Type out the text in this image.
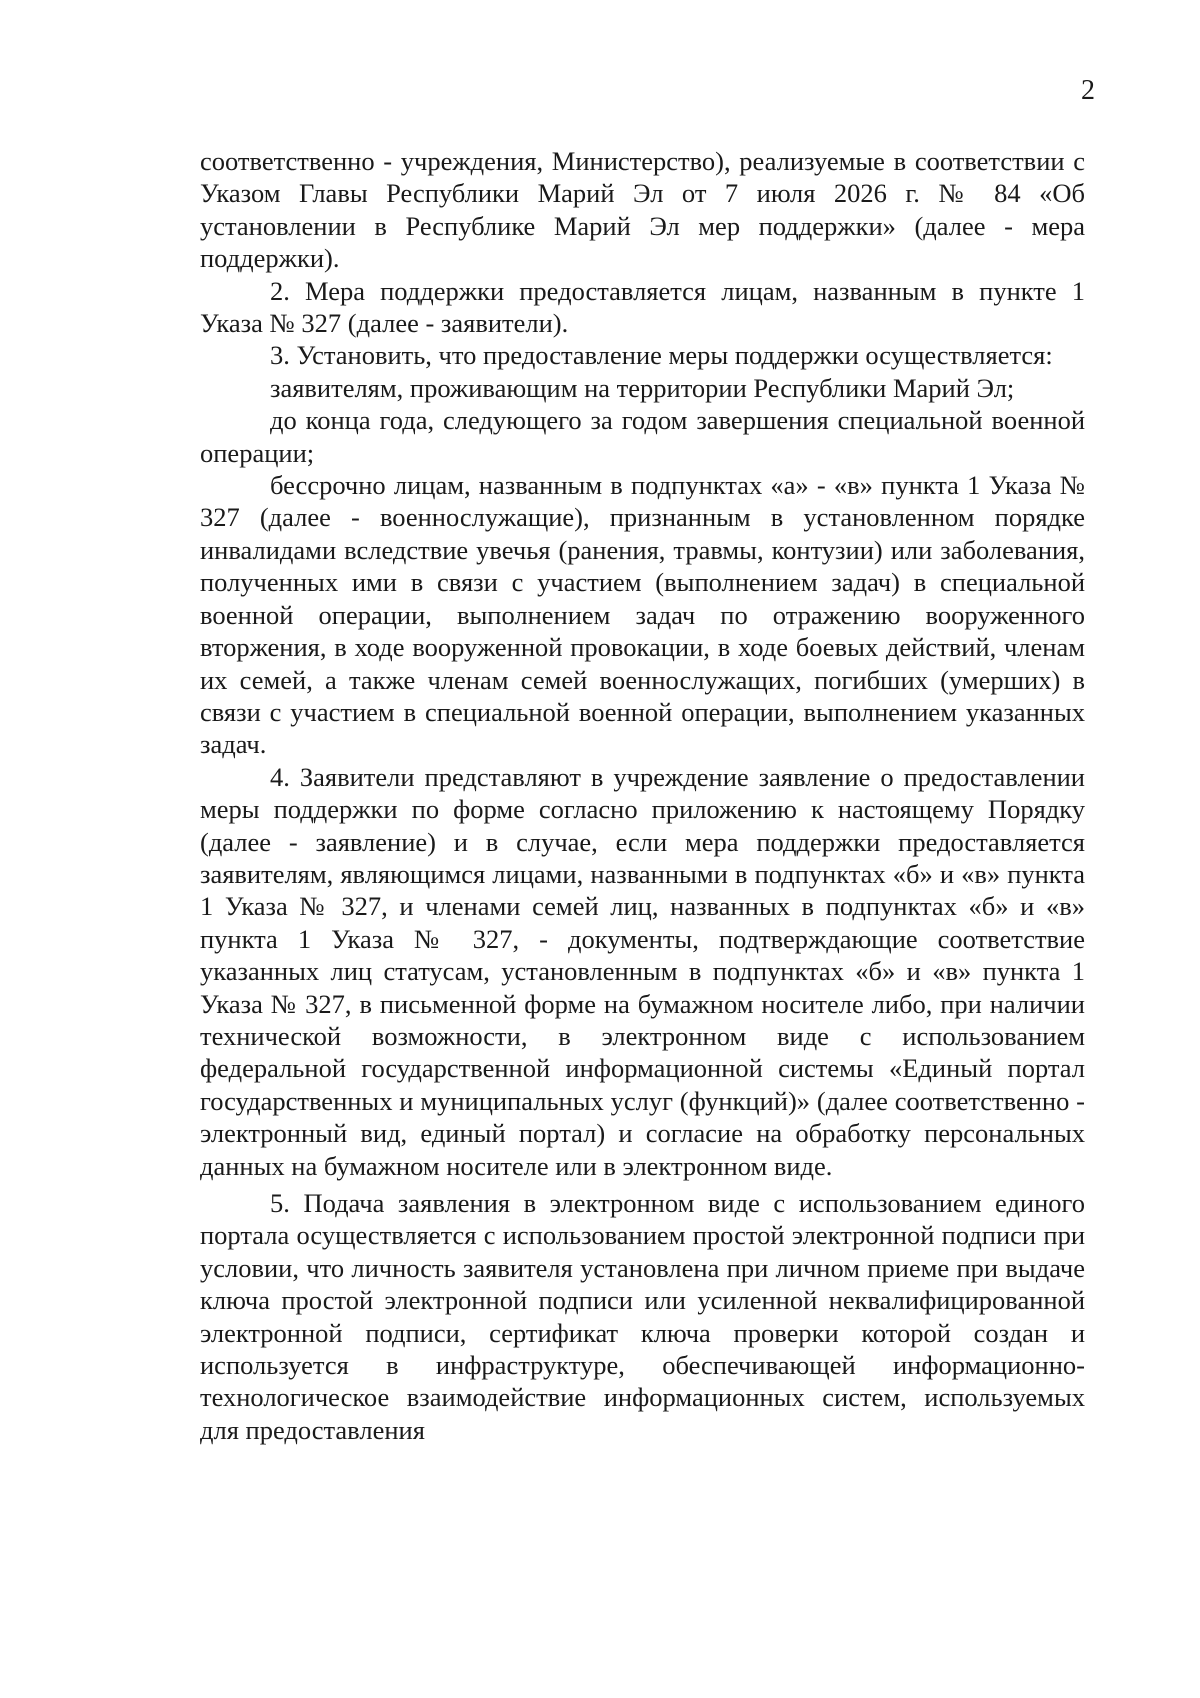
2

соответственно - учреждения, Министерство), реализуемые в соответствии с Указом Главы Республики Марий Эл от 7 июля 2026 г. № 84 «Об установлении в Республике Марий Эл мер поддержки» (далее - мера поддержки).

2. Мера поддержки предоставляется лицам, названным в пункте 1 Указа № 327 (далее - заявители).

3. Установить, что предоставление меры поддержки осуществляется:

заявителям, проживающим на территории Республики Марий Эл;

до конца года, следующего за годом завершения специальной военной операции;

бессрочно лицам, названным в подпунктах «а» - «в» пункта 1 Указа № 327 (далее - военнослужащие), признанным в установленном порядке инвалидами вследствие увечья (ранения, травмы, контузии) или заболевания, полученных ими в связи с участием (выполнением задач) в специальной военной операции, выполнением задач по отражению вооруженного вторжения, в ходе вооруженной провокации, в ходе боевых действий, членам их семей, а также членам семей военнослужащих, погибших (умерших) в связи с участием в специальной военной операции, выполнением указанных задач.

4. Заявители представляют в учреждение заявление о предоставлении меры поддержки по форме согласно приложению к настоящему Порядку (далее - заявление) и в случае, если мера поддержки предоставляется заявителям, являющимся лицами, названными в подпунктах «б» и «в» пункта 1 Указа № 327, и членами семей лиц, названных в подпунктах «б» и «в» пункта 1 Указа № 327, - документы, подтверждающие соответствие указанных лиц статусам, установленным в подпунктах «б» и «в» пункта 1 Указа № 327, в письменной форме на бумажном носителе либо, при наличии технической возможности, в электронном виде с использованием федеральной государственной информационной системы «Единый портал государственных и муниципальных услуг (функций)» (далее соответственно - электронный вид, единый портал) и согласие на обработку персональных данных на бумажном носителе или в электронном виде.

5. Подача заявления в электронном виде с использованием единого портала осуществляется с использованием простой электронной подписи при условии, что личность заявителя установлена при личном приеме при выдаче ключа простой электронной подписи или усиленной неквалифицированной электронной подписи, сертификат ключа проверки которой создан и используется в инфраструктуре, обеспечивающей информационно-технологическое взаимодействие информационных систем, используемых для предоставления
